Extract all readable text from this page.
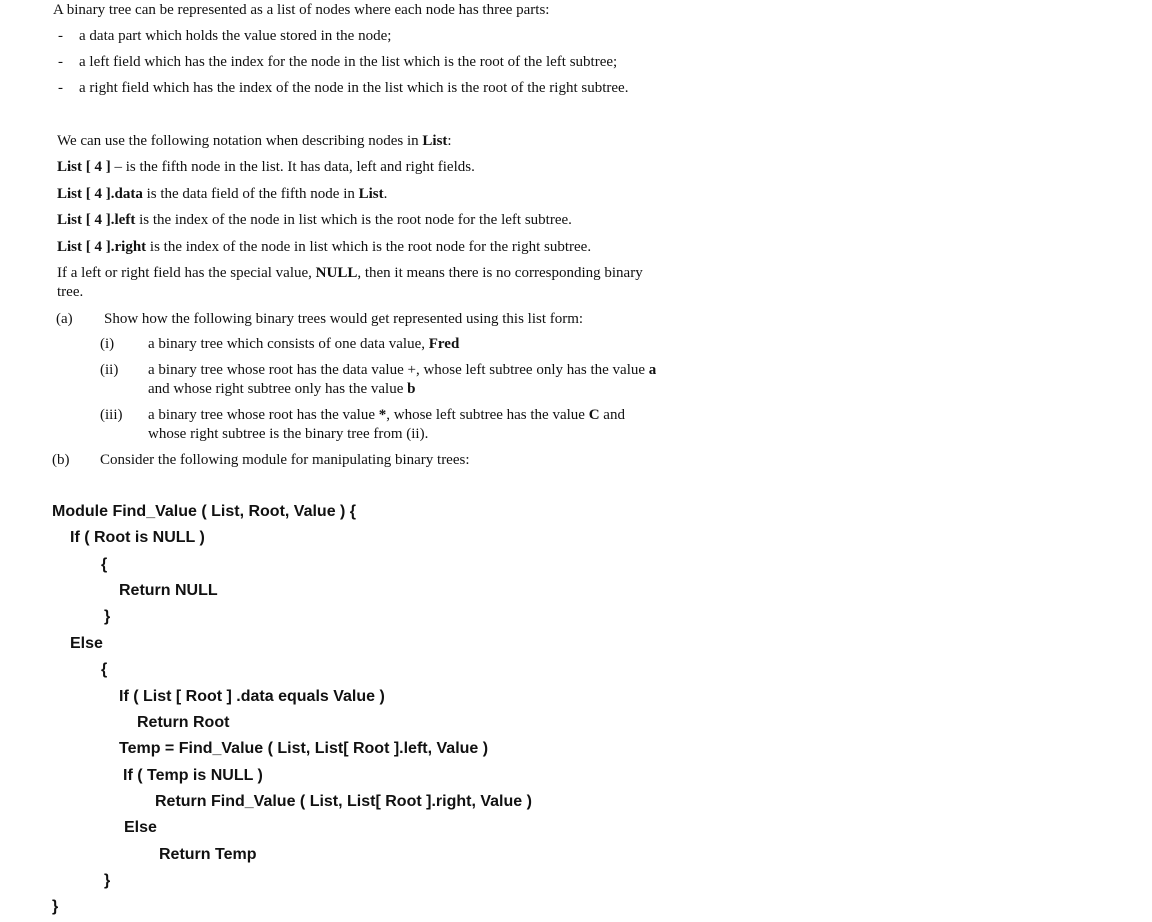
A binary tree can be represented as a list of nodes where each node has three parts:
- a data part which holds the value stored in the node;
- a left field which has the index for the node in the list which is the root of the left subtree;
- a right field which has the index of the node in the list which is the root of the right subtree.
We can use the following notation when describing nodes in List:
List [ 4 ] – is the fifth node in the list. It has data, left and right fields.
List [ 4 ].data is the data field of the fifth node in List.
List [ 4 ].left is the index of the node in list which is the root node for the left subtree.
List [ 4 ].right is the index of the node in list which is the root node for the right subtree.
If a left or right field has the special value, NULL, then it means there is no corresponding binary
tree.
(a) Show how the following binary trees would get represented using this list form:
(i) a binary tree which consists of one data value, Fred
(ii) a binary tree whose root has the data value +, whose left subtree only has the value a
and whose right subtree only has the value b
(iii) a binary tree whose root has the value *, whose left subtree has the value C and
whose right subtree is the binary tree from (ii).
(b) Consider the following module for manipulating binary trees:
Module Find_Value ( List, Root, Value ) {
If ( Root is NULL )
{
Return NULL
}
Else
{
If ( List [ Root ] .data equals Value )
Return Root
Temp = Find_Value ( List, List[ Root ].left, Value )
If ( Temp is NULL )
Return Find_Value ( List, List[ Root ].right, Value )
Else
Return Temp
}
}
